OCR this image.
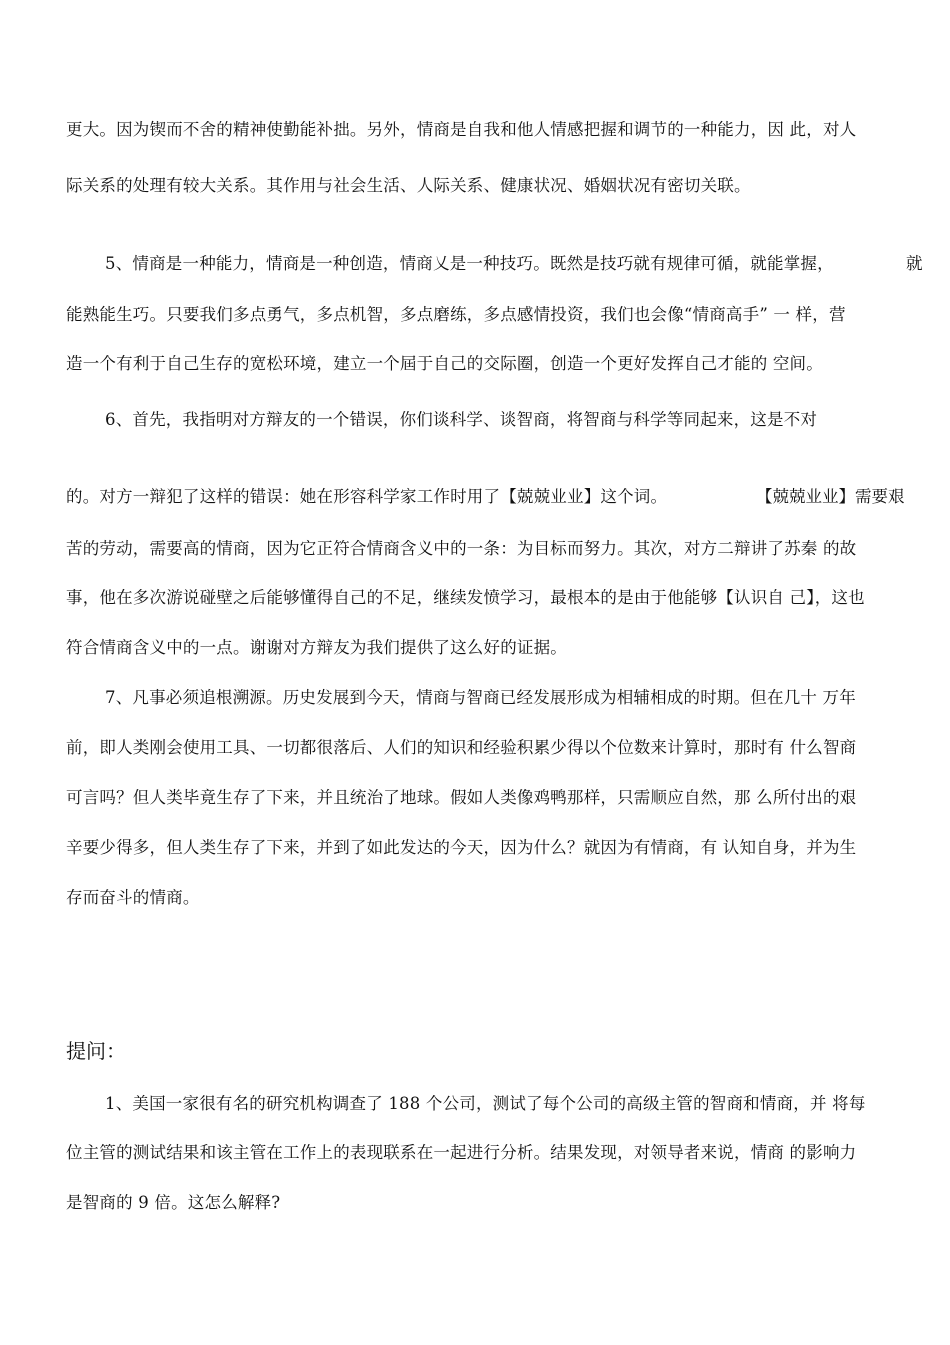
更大。因为锲而不舍的精神使勤能补拙。另外，情商是自我和他人情感把握和调节的一种能力，因 此，对人
际关系的处理有较大关系。其作用与社会生活、人际关系、健康状况、婚姻状况有密切关联。
5、情商是一种能力，情商是一种创造，情商乂是一种技巧。既然是技巧就有规律可循，就能掌握，	就
能熟能生巧。只要我们多点勇气，多点机智，多点磨练，多点感情投资，我们也会像“情商高手” 一 样，营
造一个有利于自己生存的宽松环境，建立一个屆于自己的交际圈，创造一个更好发挥自己才能的 空间。
6、首先，我指明对方辩友的一个错误，你们谈科学、谈智商，将智商与科学等同起来，这是不对
的。对方一辩犯了这样的错误：她在形容科学家工作时用了【兢兢业业】这个词。	【兢兢业业】需要艰
苦的劳动，需要高的情商，因为它正符合情商含义中的一条：为目标而努力。其次，对方二辩讲了苏秦 的故
事，他在多次游说碰壁之后能够懂得自己的不足，继续发愤学习，最根本的是由于他能够【认识自 己】，这也
符合情商含义中的一点。谢谢对方辩友为我们提供了这么好的证据。
7、凡事必须追根溯源。历史发展到今天，情商与智商已经发展形成为相辅相成的时期。但在几十 万年
前，即人类刚会使用工具、一切都很落后、人们的知识和经验积累少得以个位数来计算时，那时有 什么智商
可言吗？但人类毕竟生存了下来，并且统治了地球。假如人类像鸡鸭那样，只需顺应自然，那 么所付出的艰
辛要少得多，但人类生存了下来，并到了如此发达的今天，因为什么？就因为有情商，有 认知自身，并为生
存而奋斗的情商。
提问：
1、美国一家很有名的研究机构调查了 188 个公司，测试了每个公司的高级主管的智商和情商，并 将每
位主管的测试结果和该主管在工作上的表现联系在一起进行分析。结果发现，对领导者来说，情商 的影响力
是智商的 9 倍。这怎么解释?
